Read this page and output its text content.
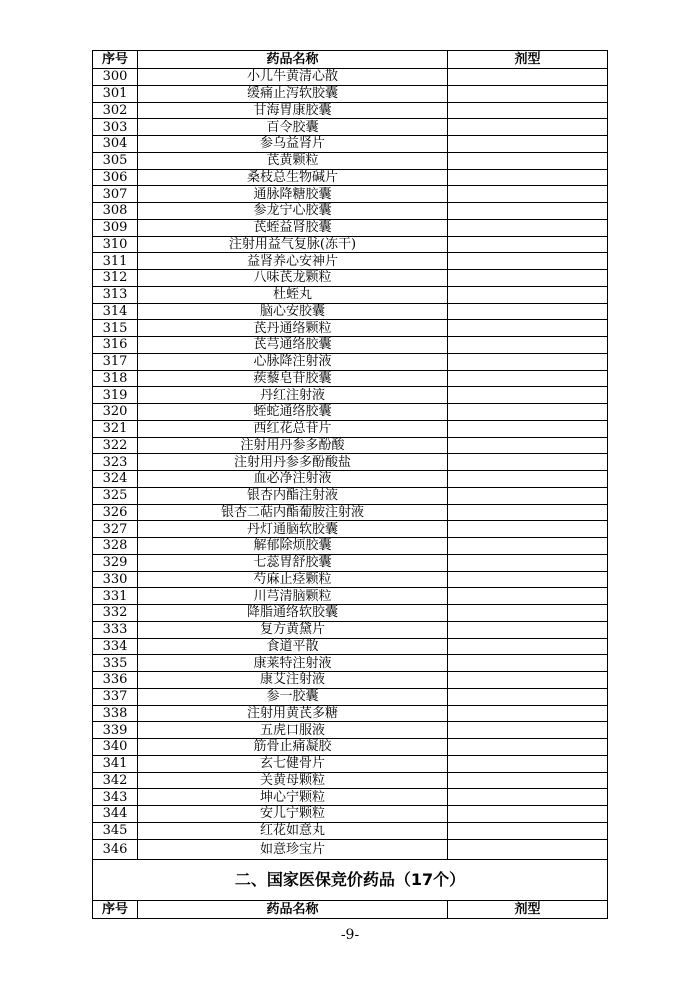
序号	药品名称	剂型
300	小儿牛黄清心散	
301	缓痛止泻软胶囊	
302	甘海胃康胶囊	
303	百令胶囊	
304	参乌益肾片	
305	芪黄颗粒	
306	桑枝总生物碱片	
307	通脉降糖胶囊	
308	参龙宁心胶囊	
309	芪蛭益肾胶囊	
310	注射用益气复脉(冻干)	
311	益肾养心安神片	
312	八味芪龙颗粒	
313	杜蛭丸	
314	脑心安胶囊	
315	芪丹通络颗粒	
316	芪芎通络胶囊	
317	心脉降注射液	
318	蒺藜皂苷胶囊	
319	丹红注射液	
320	蛭蛇通络胶囊	
321	西红花总苷片	
322	注射用丹参多酚酸	
323	注射用丹参多酚酸盐	
324	血必净注射液	
325	银杏内酯注射液	
326	银杏二萜内酯葡胺注射液	
327	丹灯通脑软胶囊	
328	解郁除烦胶囊	
329	七蕊胃舒胶囊	
330	芍麻止痉颗粒	
331	川芎清脑颗粒	
332	降脂通络软胶囊	
333	复方黄黛片	
334	食道平散	
335	康莱特注射液	
336	康艾注射液	
337	参一胶囊	
338	注射用黄芪多糖	
339	五虎口服液	
340	筋骨止痛凝胶	
341	玄七健骨片	
342	关黄母颗粒	
343	坤心宁颗粒	
344	安儿宁颗粒	
345	红花如意丸	
346	如意珍宝片	
二、国家医保竞价药品（17个）		
序号	药品名称	剂型
-9-
